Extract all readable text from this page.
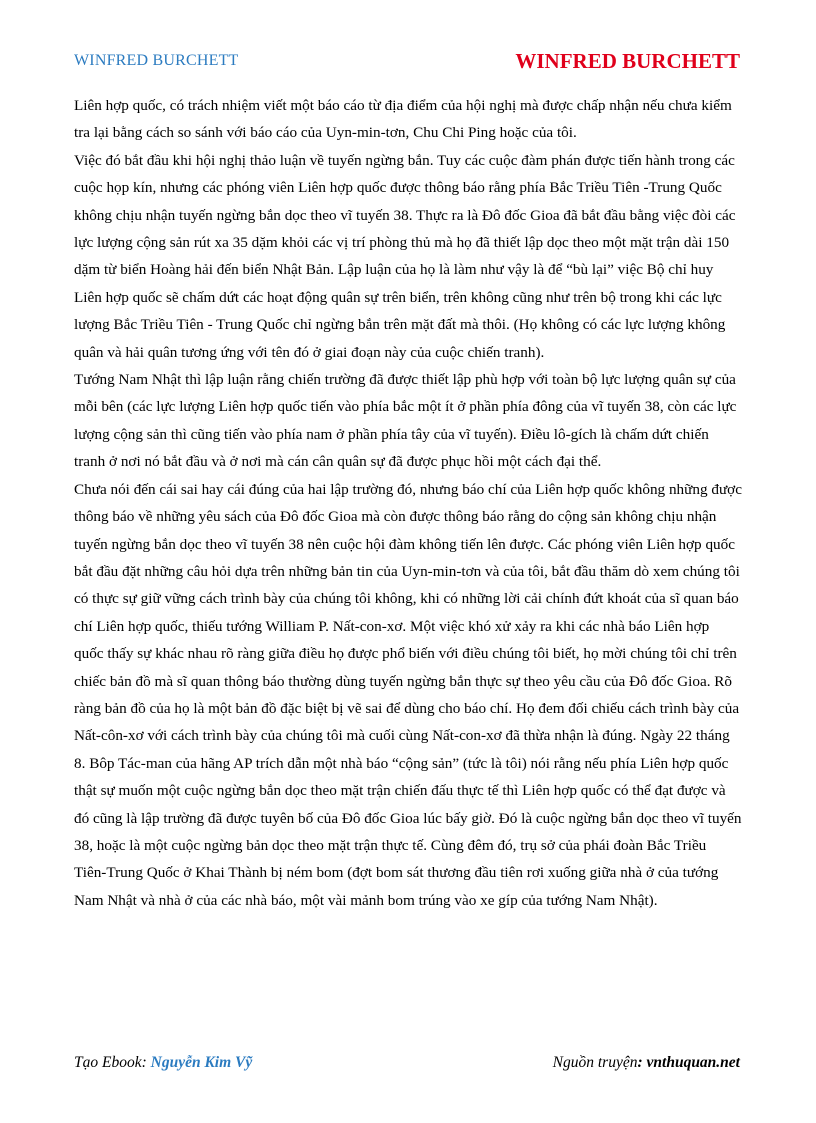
WINFRED BURCHETT	WINFRED BURCHETT

Liên hợp quốc, có trách nhiệm viết một báo cáo từ địa điểm của hội nghị mà được chấp nhận nếu chưa kiểm tra lại bằng cách so sánh với báo cáo của Uyn-min-tơn, Chu Chi Ping hoặc của tôi.

Việc đó bắt đầu khi hội nghị thảo luận về tuyến ngừng bắn. Tuy các cuộc đàm phán được tiến hành trong các cuộc họp kín, nhưng các phóng viên Liên hợp quốc được thông báo rằng phía Bắc Triều Tiên -Trung Quốc không chịu nhận tuyến ngừng bắn dọc theo vĩ tuyến 38. Thực ra là Đô đốc Gioa đã bắt đầu bằng việc đòi các lực lượng cộng sản rút xa 35 dặm khỏi các vị trí phòng thủ mà họ đã thiết lập dọc theo một mặt trận dài 150 dặm từ biển Hoàng hải đến biển Nhật Bản. Lập luận của họ là làm như vậy là để “bù lại” việc Bộ chỉ huy Liên hợp quốc sẽ chấm dứt các hoạt động quân sự trên biển, trên không cũng như trên bộ trong khi các lực lượng Bắc Triều Tiên - Trung Quốc chỉ ngừng bắn trên mặt đất mà thôi. (Họ không có các lực lượng không quân và hải quân tương ứng với tên đó ở giai đoạn này của cuộc chiến tranh).

Tướng Nam Nhật thì lập luận rằng chiến trường đã được thiết lập phù hợp với toàn bộ lực lượng quân sự của mỗi bên (các lực lượng Liên hợp quốc tiến vào phía bắc một ít ở phần phía đông của vĩ tuyến 38, còn các lực lượng cộng sản thì cũng tiến vào phía nam ở phần phía tây của vĩ tuyến). Điều lô-gích là chấm dứt chiến tranh ở nơi nó bắt đầu và ở nơi mà cán cân quân sự đã được phục hồi một cách đại thể.

Chưa nói đến cái sai hay cái đúng của hai lập trường đó, nhưng báo chí của Liên hợp quốc không những được thông báo về những yêu sách của Đô đốc Gioa mà còn được thông báo rằng do cộng sản không chịu nhận tuyến ngừng bắn dọc theo vĩ tuyến 38 nên cuộc hội đàm không tiến lên được. Các phóng viên Liên hợp quốc bắt đầu đặt những câu hỏi dựa trên những bản tin của Uyn-min-tơn và của tôi, bắt đầu thăm dò xem chúng tôi có thực sự giữ vững cách trình bày của chúng tôi không, khi có những lời cải chính đứt khoát của sĩ quan báo chí Liên hợp quốc, thiếu tướng William P. Nất-con-xơ. Một việc khó xử xảy ra khi các nhà báo Liên hợp quốc thấy sự khác nhau rõ ràng giữa điều họ được phổ biến với điều chúng tôi biết, họ mời chúng tôi chỉ trên chiếc bản đồ mà sĩ quan thông báo thường dùng tuyến ngừng bắn thực sự theo yêu cầu của Đô đốc Gioa. Rõ ràng bản đồ của họ là một bản đồ đặc biệt bị vẽ sai để dùng cho báo chí. Họ đem đối chiếu cách trình bày của Nất-côn-xơ với cách trình bày của chúng tôi mà cuối cùng Nất-con-xơ đã thừa nhận là đúng. Ngày 22 tháng 8. Bôp Tác-man của hãng AP trích dẫn một nhà báo “cộng sản” (tức là tôi) nói rằng nếu phía Liên hợp quốc thật sự muốn một cuộc ngừng bắn dọc theo mặt trận chiến đấu thực tế thì Liên hợp quốc có thể đạt được và đó cũng là lập trường đã được tuyên bố của Đô đốc Gioa lúc bấy giờ. Đó là cuộc ngừng bắn dọc theo vĩ tuyến 38, hoặc là một cuộc ngừng bản dọc theo mặt trận thực tế. Cùng đêm đó, trụ sở của phái đoàn Bắc Triều Tiên-Trung Quốc ở Khai Thành bị ném bom (đợt bom sát thương đầu tiên rơi xuống giữa nhà ở của tướng Nam Nhật và nhà ở của các nhà báo, một vài mảnh bom trúng vào xe gíp của tướng Nam Nhật).

Tạo Ebook: Nguyễn Kim Vỹ	Nguồn truyện: vnthuquan.net
